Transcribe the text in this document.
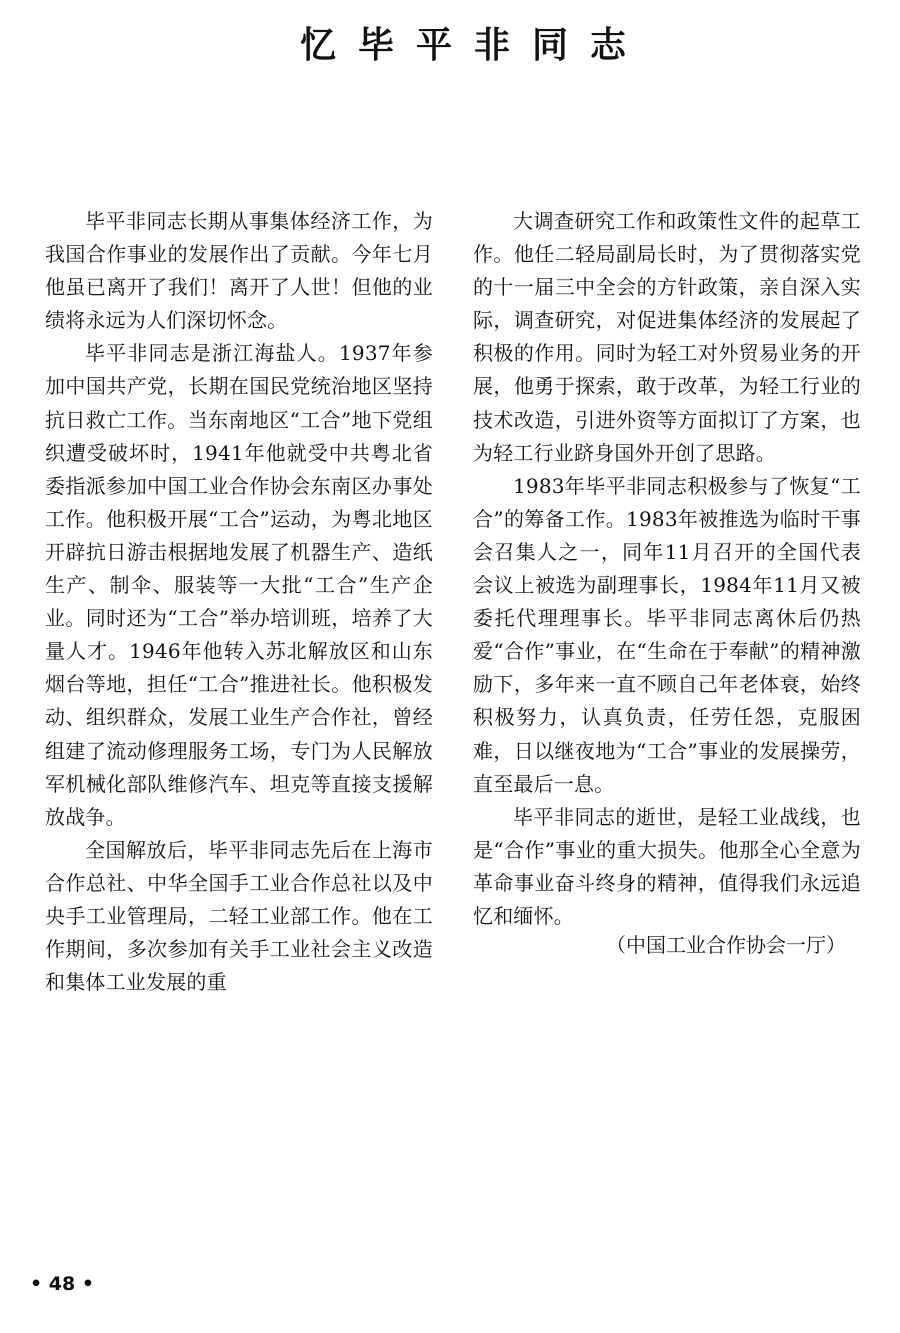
忆毕平非同志

毕平非同志长期从事集体经济工作，为我国合作事业的发展作出了贡献。今年七月他虽已离开了我们！离开了人世！但他的业绩将永远为人们深切怀念。

毕平非同志是浙江海盐人。1937年参加中国共产党，长期在国民党统治地区坚持抗日救亡工作。当东南地区“工合”地下党组织遭受破坏时，1941年他就受中共粤北省委指派参加中国工业合作协会东南区办事处工作。他积极开展“工合”运动，为粤北地区开辟抗日游击根据地发展了机器生产、造纸生产、制伞、服装等一大批“工合”生产企业。同时还为“工合”举办培训班，培养了大量人才。1946年他转入苏北解放区和山东烟台等地，担任“工合”推进社长。他积极发动、组织群众，发展工业生产合作社，曾经组建了流动修理服务工场，专门为人民解放军机械化部队维修汽车、坦克等直接支援解放战争。

全国解放后，毕平非同志先后在上海市合作总社、中华全国手工业合作总社以及中央手工业管理局，二轻工业部工作。他在工作期间，多次参加有关手工业社会主义改造和集体工业发展的重

大调查研究工作和政策性文件的起草工作。他任二轻局副局长时，为了贯彻落实党的十一届三中全会的方针政策，亲自深入实际，调查研究，对促进集体经济的发展起了积极的作用。同时为轻工对外贸易业务的开展，他勇于探索，敢于改革，为轻工行业的技术改造，引进外资等方面拟订了方案，也为轻工行业跻身国外开创了思路。

1983年毕平非同志积极参与了恢复“工合”的筹备工作。1983年被推选为临时干事会召集人之一，同年11月召开的全国代表会议上被选为副理事长，1984年11月又被委托代理理事长。毕平非同志离休后仍热爱“合作”事业，在“生命在于奉献”的精神激励下，多年来一直不顾自己年老体衰，始终积极努力，认真负责，任劳任怨，克服困难，日以继夜地为“工合”事业的发展操劳，直至最后一息。

毕平非同志的逝世，是轻工业战线，也是“合作”事业的重大损失。他那全心全意为革命事业奋斗终身的精神，值得我们永远追忆和缅怀。

（中国工业合作协会一厅）

• 48 •
